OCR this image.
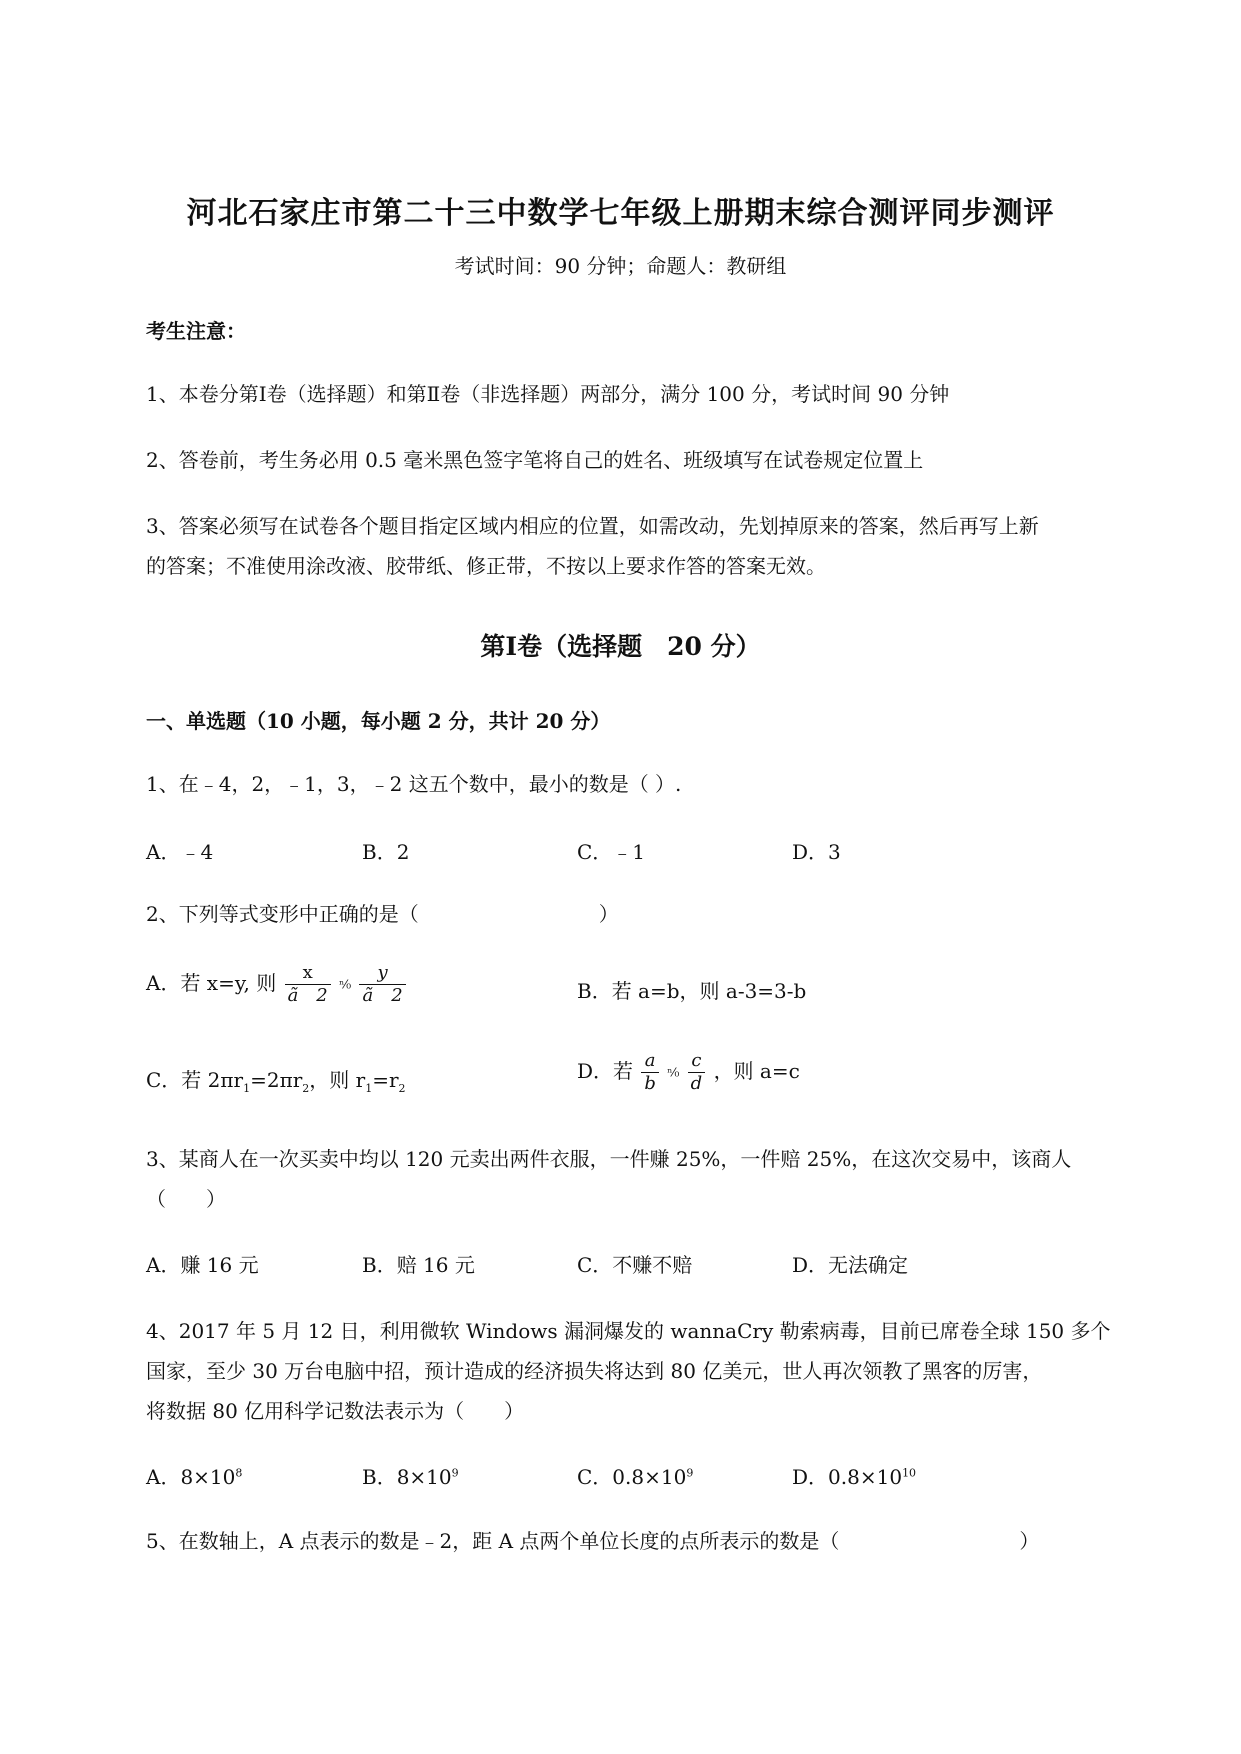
河北石家庄市第二十三中数学七年级上册期末综合测评同步测评
考试时间：90 分钟；命题人：教研组
考生注意：
1、本卷分第Ⅰ卷（选择题）和第Ⅱ卷（非选择题）两部分，满分 100 分，考试时间 90 分钟
2、答卷前，考生务必用 0.5 毫米黑色签字笔将自己的姓名、班级填写在试卷规定位置上
3、答案必须写在试卷各个题目指定区域内相应的位置，如需改动，先划掉原来的答案，然后再写上新
的答案；不准使用涂改液、胶带纸、修正带，不按以上要求作答的答案无效。
第Ⅰ卷（选择题　20 分）
一、单选题（10 小题，每小题 2 分，共计 20 分）
1、在﹣4，2，﹣1，3，﹣2 这五个数中，最小的数是（ ）.
A．﹣4	B．2	C．﹣1	D．3
2、下列等式变形中正确的是（　　　　　　　　　）
A．若 x=y, 则 $\frac{x}{ã 2}$ ⁿ⁄₀ $\frac{y}{ã 2}$	B．若 a=b，则 a-3=3-b
C．若 $2\pi r_1=2\pi r_2$，则 $r_1=r_2$
D．若 $\frac{a}{b}$ ⁿ⁄₀ $\frac{c}{d}$ ，则 a=c
3、某商人在一次买卖中均以 120 元卖出两件衣服，一件赚 25%，一件赔 25%，在这次交易中，该商人
（　　）
A．赚 16 元	B．赔 16 元	C．不赚不赔	D．无法确定
4、2017 年 5 月 12 日，利用微软 Windows 漏洞爆发的 wannaCry 勒索病毒，目前已席卷全球 150 多个
国家，至少 30 万台电脑中招，预计造成的经济损失将达到 80 亿美元，世人再次领教了黑客的厉害，
将数据 80 亿用科学记数法表示为（　　）
A．$8\times 10^8$	B．$8\times 10^9$	C．$0.8\times 10^9$	D．$0.8\times 10^{10}$
5、在数轴上，A 点表示的数是﹣2，距 A 点两个单位长度的点所表示的数是（　　　　　　　　　）
